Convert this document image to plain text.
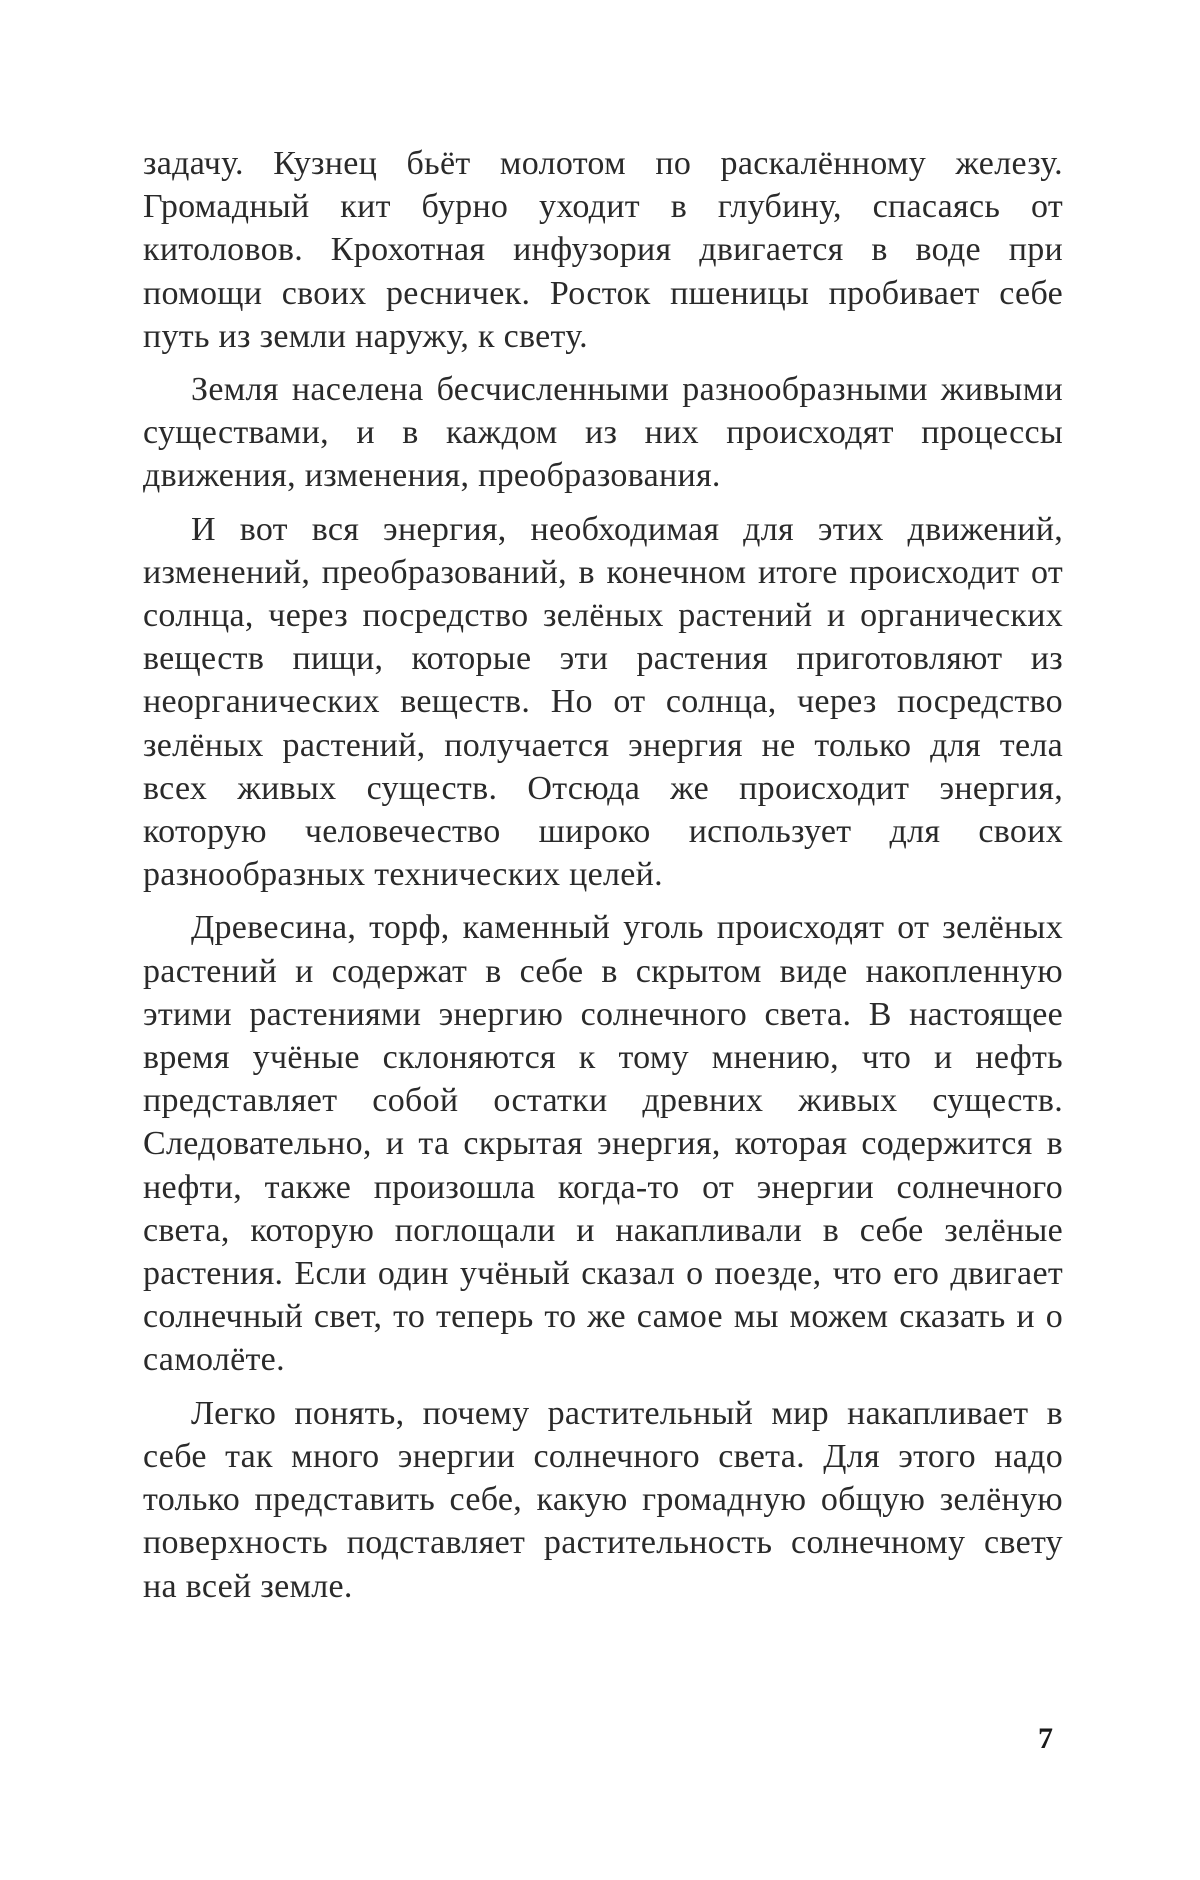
задачу. Кузнец бьёт молотом по раскалённому железу. Громадный кит бурно уходит в глубину, спасаясь от китоловов. Крохотная инфузория двигается в воде при помощи своих ресничек. Росток пшеницы пробивает себе путь из земли наружу, к свету.

Земля населена бесчисленными разнообразными живыми существами, и в каждом из них происходят процессы движения, изменения, преобразования.

И вот вся энергия, необходимая для этих движений, изменений, преобразований, в конечном итоге происходит от солнца, через посредство зелёных растений и органических веществ пищи, которые эти растения приготовляют из неорганических веществ. Но от солнца, через посредство зелёных растений, получается энергия не только для тела всех живых существ. Отсюда же происходит энергия, которую человечество широко использует для своих разнообразных технических целей.

Древесина, торф, каменный уголь происходят от зелёных растений и содержат в себе в скрытом виде накопленную этими растениями энергию солнечного света. В настоящее время учёные склоняются к тому мнению, что и нефть представляет собой остатки древних живых существ. Следовательно, и та скрытая энергия, которая содержится в нефти, также произошла когда-то от энергии солнечного света, которую поглощали и накапливали в себе зелёные растения. Если один учёный сказал о поезде, что его двигает солнечный свет, то теперь то же самое мы можем сказать и о самолёте.

Легко понять, почему растительный мир накапливает в себе так много энергии солнечного света. Для этого надо только представить себе, какую громадную общую зелёную поверхность подставляет растительность солнечному свету на всей земле.

7
